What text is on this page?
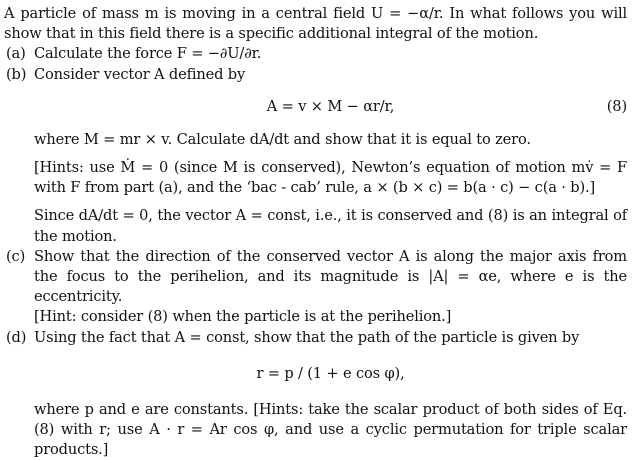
A particle of mass m is moving in a central field U = −α/r. In what follows you will show that in this field there is a specific additional integral of the motion.

(a) Calculate the force F = −∂U/∂r.

(b) Consider vector A defined by

A = v × M − αr/r,	(8)

where M = mr × v. Calculate dA/dt and show that it is equal to zero.

[Hints: use Ṁ = 0 (since M is conserved), Newton’s equation of motion mv̇ = F with F from part (a), and the ‘bac - cab’ rule, a × (b × c) = b(a · c) − c(a · b).]

Since dA/dt = 0, the vector A = const, i.e., it is conserved and (8) is an integral of the motion.

(c) Show that the direction of the conserved vector A is along the major axis from the focus to the perihelion, and its magnitude is |A| = αe, where e is the eccentricity.

[Hint: consider (8) when the particle is at the perihelion.]

(d) Using the fact that A = const, show that the path of the particle is given by

r = p / (1 + e cos φ),

where p and e are constants. [Hints: take the scalar product of both sides of Eq. (8) with r; use A · r = Ar cos φ, and use a cyclic permutation for triple scalar products.]
